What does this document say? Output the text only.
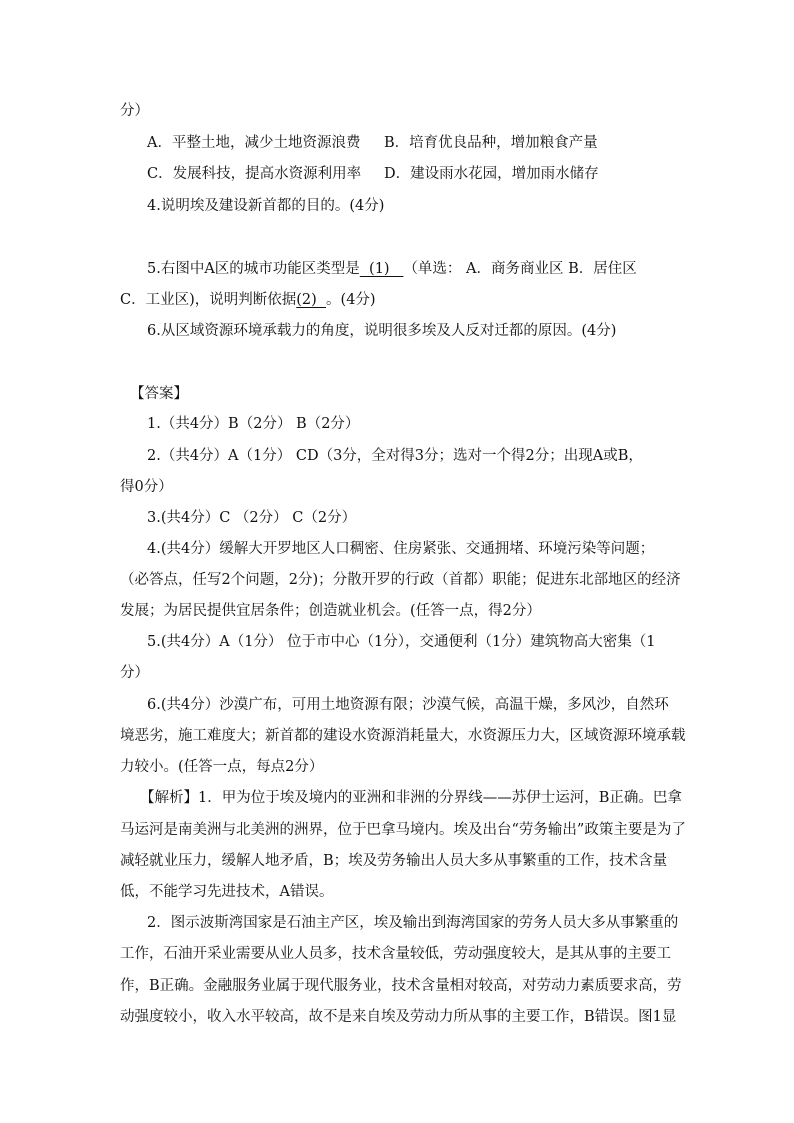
分）
A．平整土地，减少土地资源浪费 B．培育优良品种，增加粮食产量
C．发展科技，提高水资源利用率 D．建设雨水花园，增加雨水储存
4.说明埃及建设新首都的目的。(4分)
5.右图中A区的城市功能区类型是  (1)   （单选： A．商务商业区 B．居住区
C．工业区)，说明判断依据(2)  。(4分)
6.从区域资源环境承载力的角度，说明很多埃及人反对迁都的原因。(4分)
【答案】
1.（共4分）B（2分） B（2分）
2.（共4分）A（1分） CD（3分，全对得3分；选对一个得2分；出现A或B，
得0分）
3.(共4分）C （2分） C（2分）
4.(共4分）缓解大开罗地区人口稠密、住房紧张、交通拥堵、环境污染等问题；
（必答点，任写2个问题，2分)；分散开罗的行政（首都）职能；促进东北部地区的经济
发展；为居民提供宜居条件；创造就业机会。(任答一点，得2分）
5.(共4分）A（1分） 位于市中心（1分），交通便利（1分）建筑物高大密集（1
分）
6.(共4分）沙漠广布，可用土地资源有限；沙漠气候，高温干燥，多风沙，自然环
境恶劣，施工难度大；新首都的建设水资源消耗量大，水资源压力大，区域资源环境承载
力较小。(任答一点，每点2分）
【解析】1．甲为位于埃及境内的亚洲和非洲的分界线——苏伊士运河，B正确。巴拿
马运河是南美洲与北美洲的洲界，位于巴拿马境内。埃及出台“劳务输出”政策主要是为了
减轻就业压力，缓解人地矛盾，B；埃及劳务输出人员大多从事繁重的工作，技术含量
低，不能学习先进技术，A错误。
2．图示波斯湾国家是石油主产区，埃及输出到海湾国家的劳务人员大多从事繁重的
工作，石油开采业需要从业人员多，技术含量较低，劳动强度较大，是其从事的主要工
作，B正确。金融服务业属于现代服务业，技术含量相对较高，对劳动力素质要求高，劳
动强度较小，收入水平较高，故不是来自埃及劳动力所从事的主要工作，B错误。图1显
